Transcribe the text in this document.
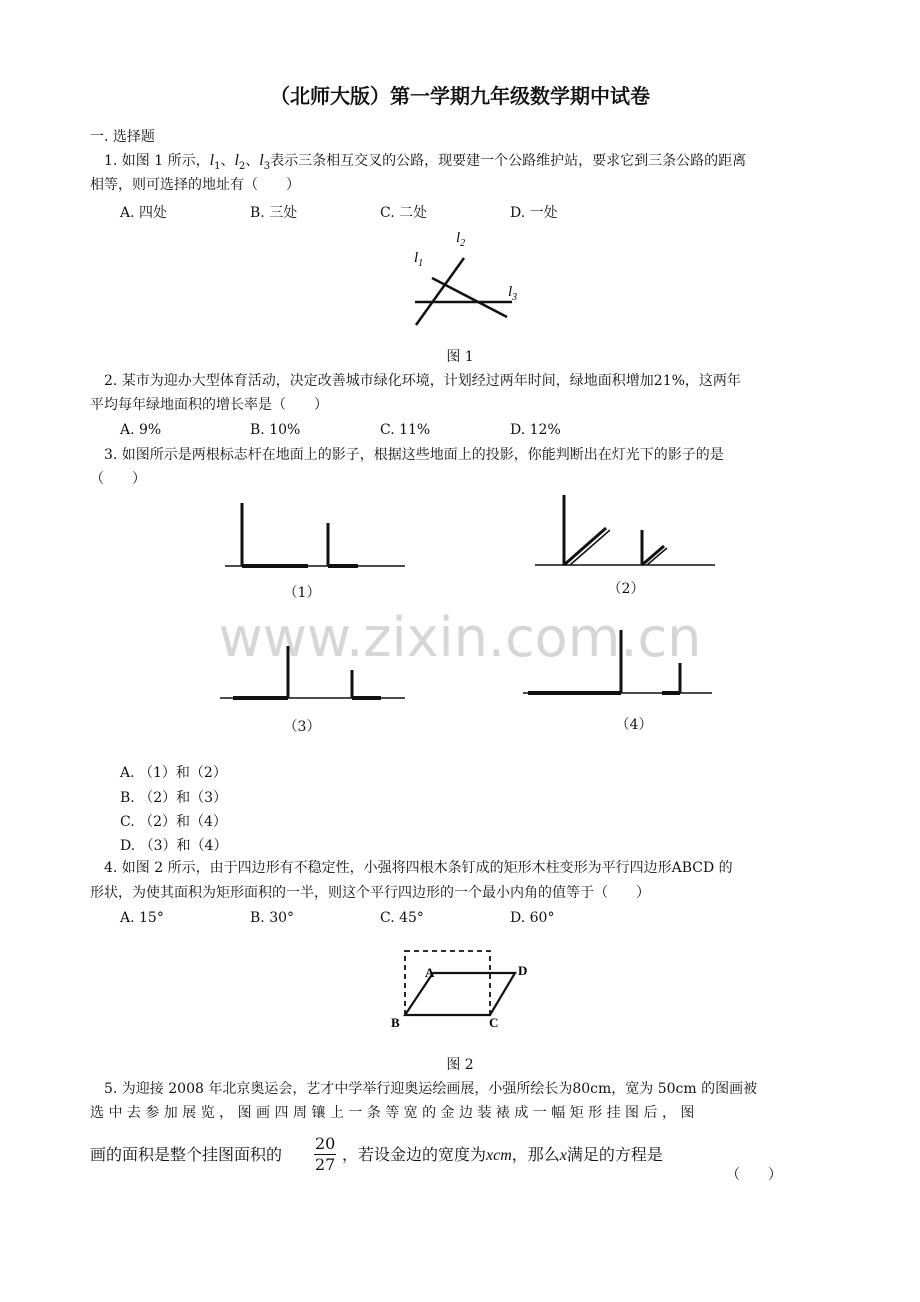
www.zixin.com.cn
（北师大版）第一学期九年级数学期中试卷
一. 选择题
1. 如图 1 所示，$l_1$、$l_2$、$l_3$表示三条相互交叉的公路，现要建一个公路维护站，要求它到三条公路的距离
相等，则可选择的地址有（　　）
A. 四处	B. 三处	C. 二处	D. 一处
$l_1$
$l_2$
$l_3$
图 1
2. 某市为迎办大型体育活动，决定改善城市绿化环境，计划经过两年时间，绿地面积增加21%，这两年
平均每年绿地面积的增长率是（　　）
A. 9%	B. 10%	C. 11%	D. 12%
3. 如图所示是两根标志杆在地面上的影子，根据这些地面上的投影，你能判断出在灯光下的影子的是
（　　）
（1）	（2）
（3）	（4）
A. （1）和（2）
B. （2）和（3）
C. （2）和（4）
D. （3）和（4）
4. 如图 2 所示，由于四边形有不稳定性，小强将四根木条钉成的矩形木柱变形为平行四边形ABCD 的
形状，为使其面积为矩形面积的一半，则这个平行四边形的一个最小内角的值等于（　　）
A. 15°	B. 30°	C. 45°	D. 60°
A
B	C
D
图 2
5. 为迎接 2008 年北京奥运会，艺才中学举行迎奥运绘画展，小强所绘长为80cm，宽为 50cm 的图画被
选 中 去 参 加 展 览 ， 图 画 四 周 镶 上 一 条 等 宽 的 金 边 装 裱 成 一 幅 矩 形 挂 图 后 ， 图
画的面积是整个挂图面积的 $\frac{20}{27}$ ，若设金边的宽度为xcm，那么x满足的方程是
（　　）
